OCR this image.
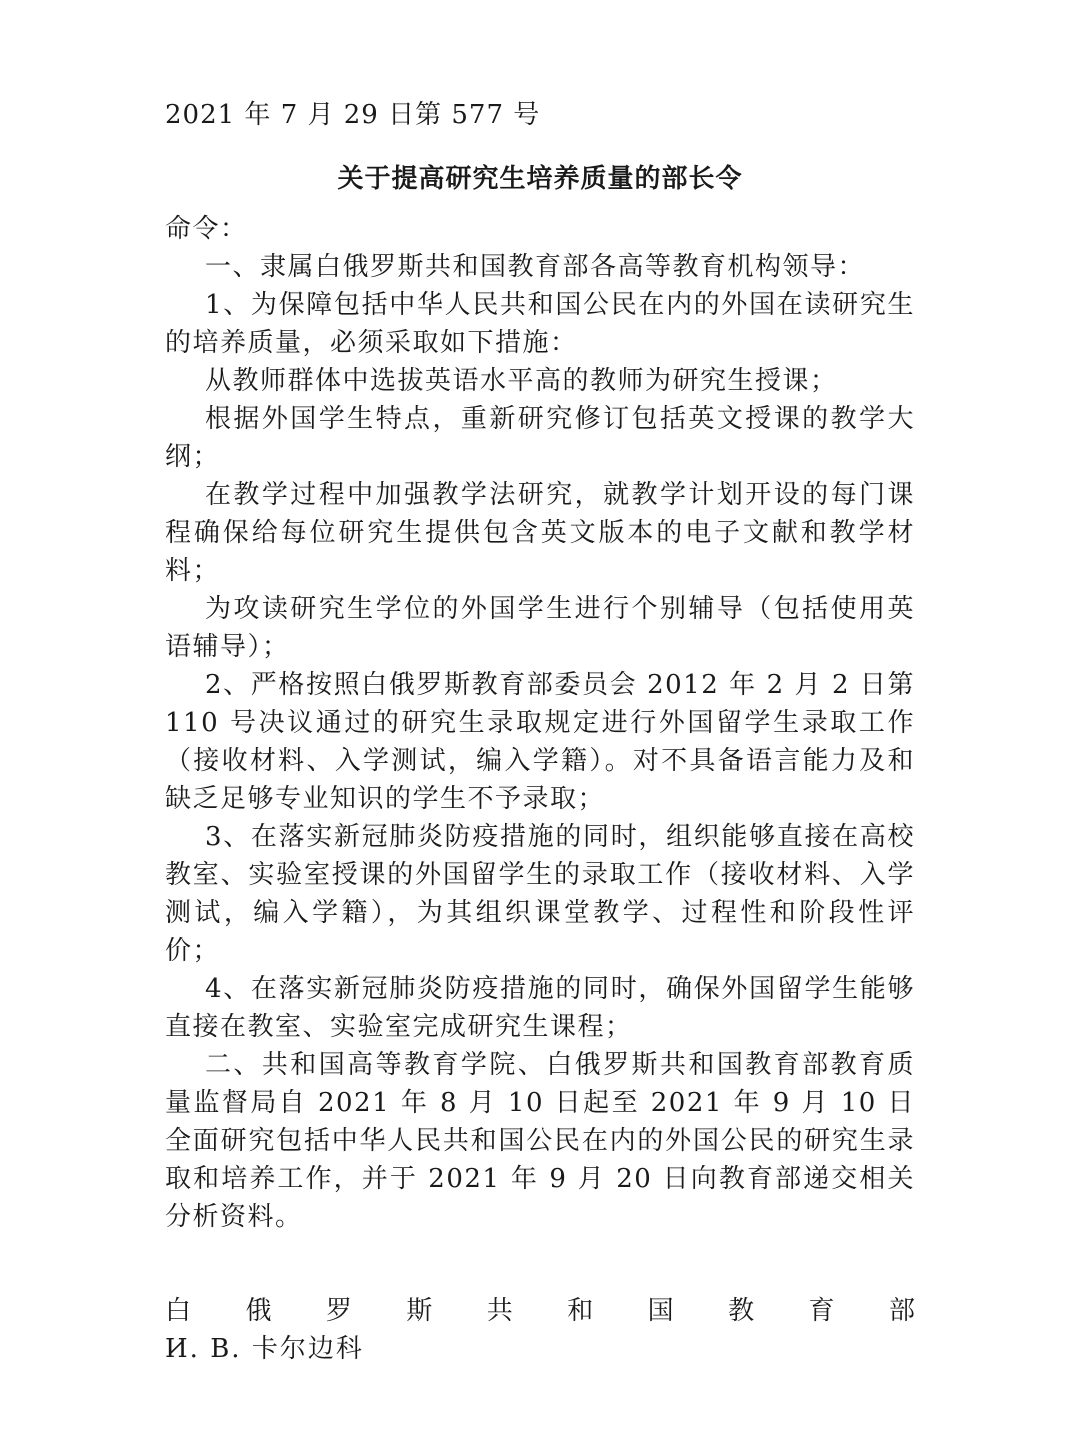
2021 年 7 月 29 日第 577 号

关于提高研究生培养质量的部长令

命令：

一、隶属白俄罗斯共和国教育部各高等教育机构领导：

1、为保障包括中华人民共和国公民在内的外国在读研究生的培养质量，必须采取如下措施：

从教师群体中选拔英语水平高的教师为研究生授课；

根据外国学生特点，重新研究修订包括英文授课的教学大纲；

在教学过程中加强教学法研究，就教学计划开设的每门课程确保给每位研究生提供包含英文版本的电子文献和教学材料；

为攻读研究生学位的外国学生进行个别辅导（包括使用英语辅导）；

2、严格按照白俄罗斯教育部委员会 2012 年 2 月 2 日第 110 号决议通过的研究生录取规定进行外国留学生录取工作（接收材料、入学测试，编入学籍）。对不具备语言能力及和缺乏足够专业知识的学生不予录取；

3、在落实新冠肺炎防疫措施的同时，组织能够直接在高校教室、实验室授课的外国留学生的录取工作（接收材料、入学测试，编入学籍），为其组织课堂教学、过程性和阶段性评价；

4、在落实新冠肺炎防疫措施的同时，确保外国留学生能够直接在教室、实验室完成研究生课程；

二、共和国高等教育学院、白俄罗斯共和国教育部教育质量监督局自 2021 年 8 月 10 日起至 2021 年 9 月 10 日全面研究包括中华人民共和国公民在内的外国公民的研究生录取和培养工作，并于 2021 年 9 月 20 日向教育部递交相关分析资料。

白 俄 罗 斯 共 和 国 教 育 部

И. В. 卡尔边科
